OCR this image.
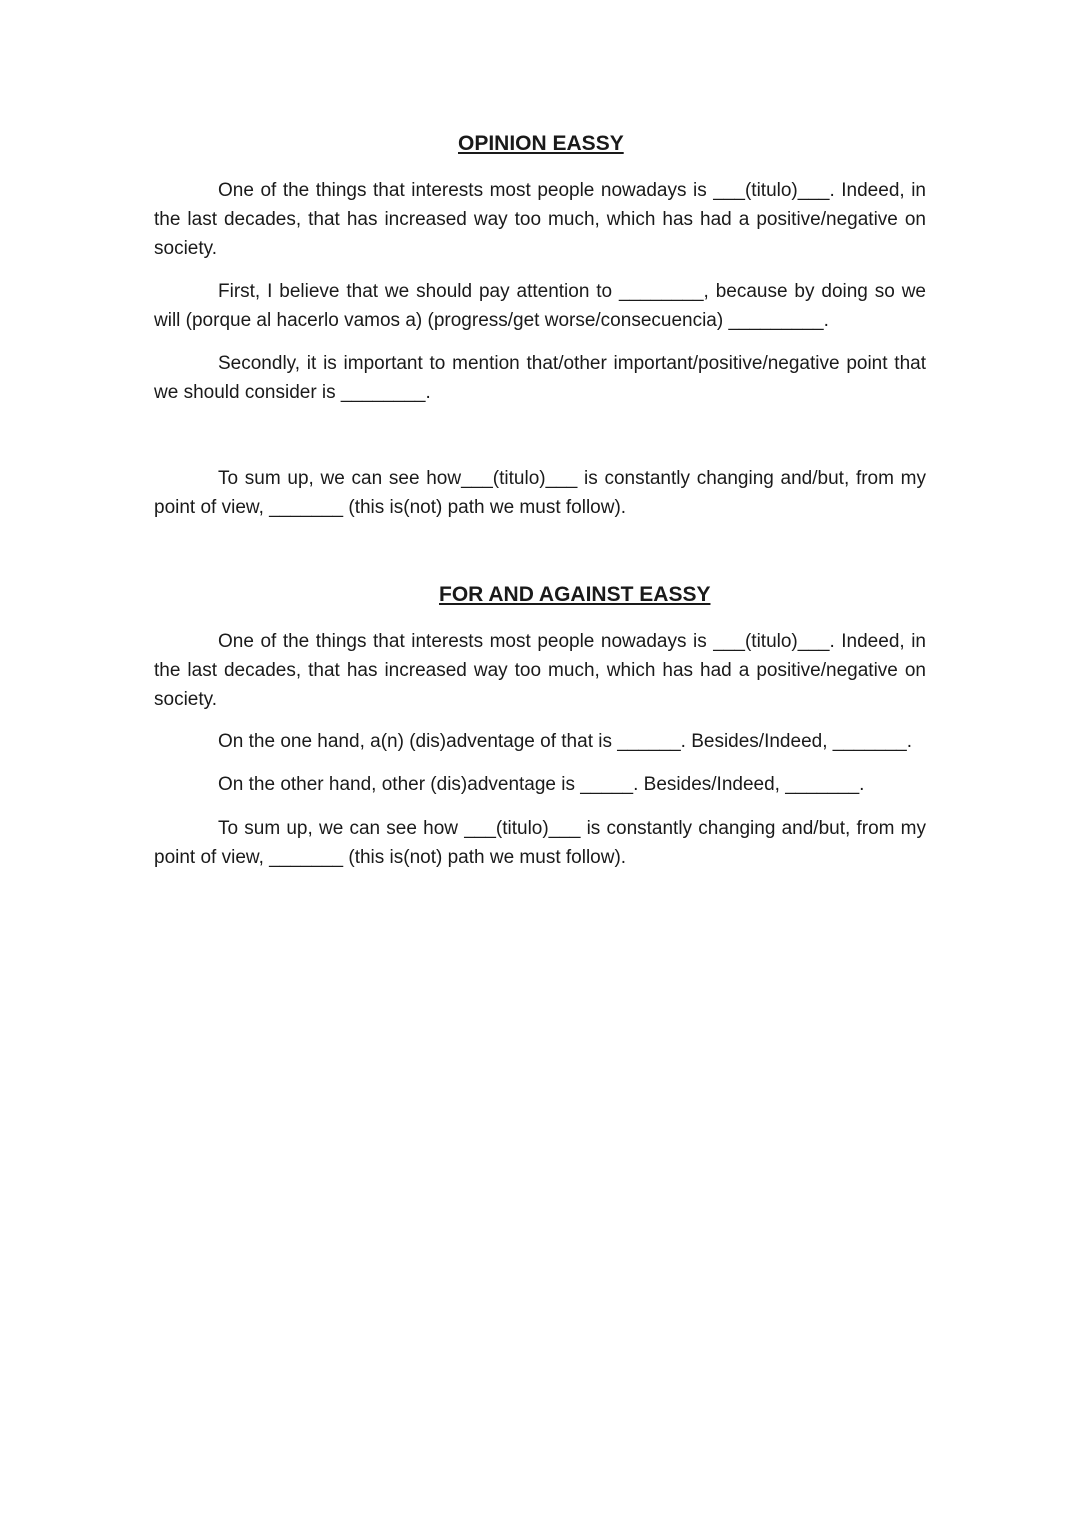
OPINION EASSY

One of the things that interests most people nowadays is ___(titulo)___. Indeed, in the last decades, that has increased way too much, which has had a positive/negative on society.

First, I believe that we should pay attention to ________, because by doing so we will (porque al hacerlo vamos a) (progress/get worse/consecuencia) _________.

Secondly, it is important to mention that/other important/positive/negative point that we should consider is ________.

To sum up, we can see how___(titulo)___ is constantly changing and/but, from my point of view, _______ (this is(not) path we must follow).

FOR AND AGAINST EASSY

One of the things that interests most people nowadays is ___(titulo)___. Indeed, in the last decades, that has increased way too much, which has had a positive/negative on society.

On the one hand, a(n) (dis)adventage of that is ______. Besides/Indeed, _______.

On the other hand, other (dis)adventage is _____. Besides/Indeed, _______.

To sum up, we can see how ___(titulo)___ is constantly changing and/but, from my point of view, _______ (this is(not) path we must follow).
